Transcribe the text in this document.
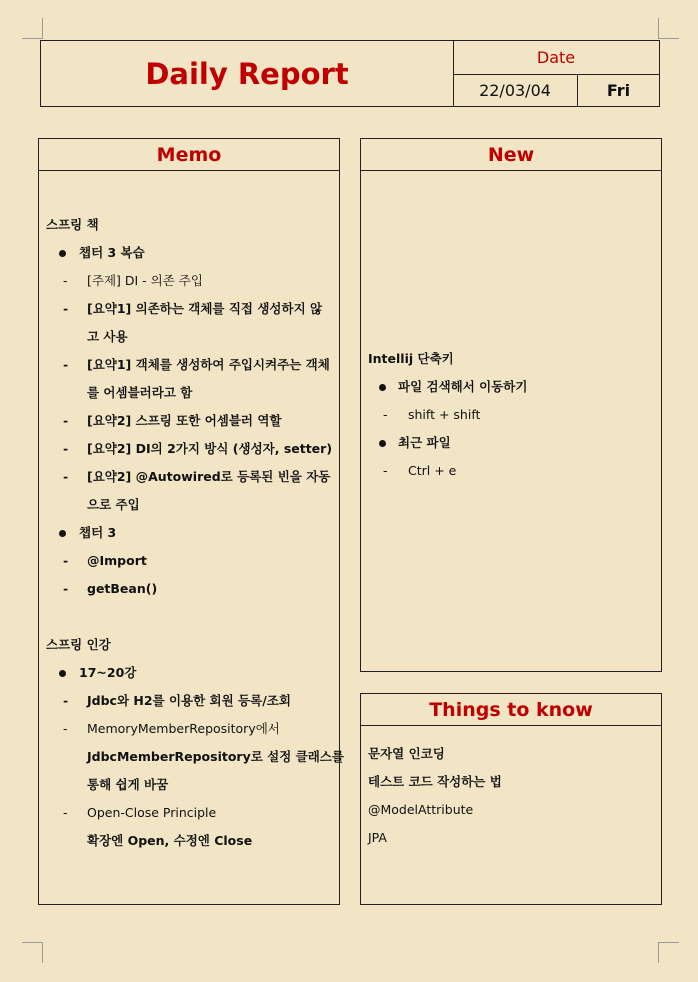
Daily Report	Date
22/03/04	Fri
Memo
스프링 책
챕터 3 복습
- [주제] DI - 의존 주입
- [요약1] 의존하는 객체를 직접 생성하지 않
고 사용
- [요약1] 객체를 생성하여 주입시켜주는 객체
를 어셈블러라고 함
- [요약2] 스프링 또한 어셈블러 역할
- [요약2] DI의 2가지 방식 (생성자, setter)
- [요약2] @Autowired로 등록된 빈을 자동
으로 주입
챕터 3
- @Import
- getBean()
스프링 인강
17~20강
- Jdbc와 H2를 이용한 회원 등록/조회
- MemoryMemberRepository에서
JdbcMemberRepository로 설정 클래스를
통해 쉽게 바꿈
- Open-Close Principle
확장엔 Open, 수정엔 Close
New
Intellij 단축키
파일 검색해서 이동하기
- shift + shift
최근 파일
- Ctrl + e
Things to know
문자열 인코딩
테스트 코드 작성하는 법
@ModelAttribute
JPA
